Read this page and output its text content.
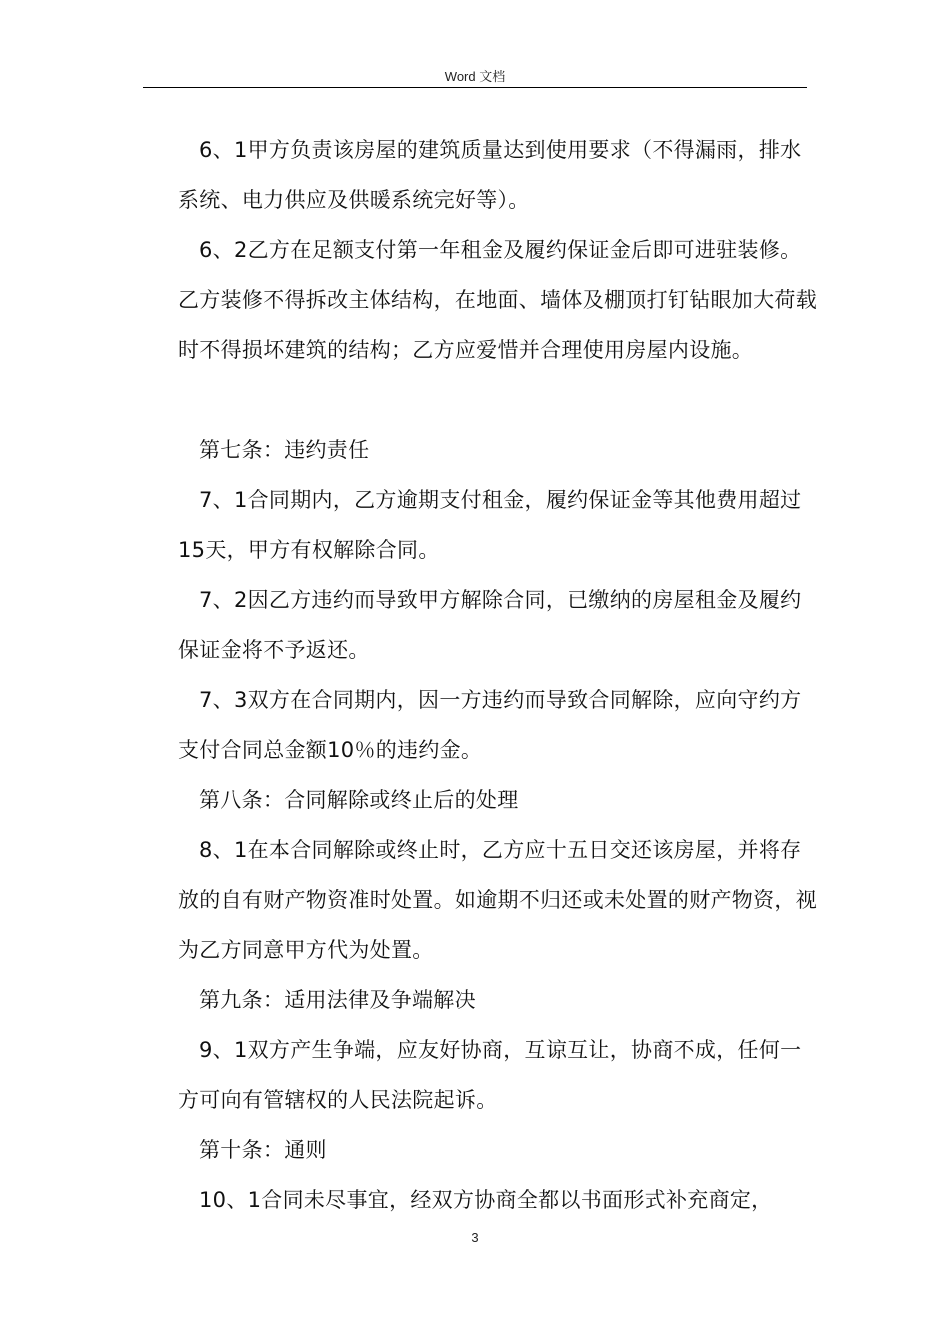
Word 文档

6、1甲方负责该房屋的建筑质量达到使用要求（不得漏雨，排水系统、电力供应及供暖系统完好等）。

6、2乙方在足额支付第一年租金及履约保证金后即可进驻装修。乙方装修不得拆改主体结构，在地面、墙体及棚顶打钉钻眼加大荷载时不得损坏建筑的结构；乙方应爱惜并合理使用房屋内设施。

第七条：违约责任

7、1合同期内，乙方逾期支付租金，履约保证金等其他费用超过15天，甲方有权解除合同。

7、2因乙方违约而导致甲方解除合同，已缴纳的房屋租金及履约保证金将不予返还。

7、3双方在合同期内，因一方违约而导致合同解除，应向守约方支付合同总金额10％的违约金。

第八条：合同解除或终止后的处理

8、1在本合同解除或终止时，乙方应十五日交还该房屋，并将存放的自有财产物资准时处置。如逾期不归还或未处置的财产物资，视为乙方同意甲方代为处置。

第九条：适用法律及争端解决

9、1双方产生争端，应友好协商，互谅互让，协商不成，任何一方可向有管辖权的人民法院起诉。

第十条：通则

10、1合同未尽事宜，经双方协商全都以书面形式补充商定，

3
